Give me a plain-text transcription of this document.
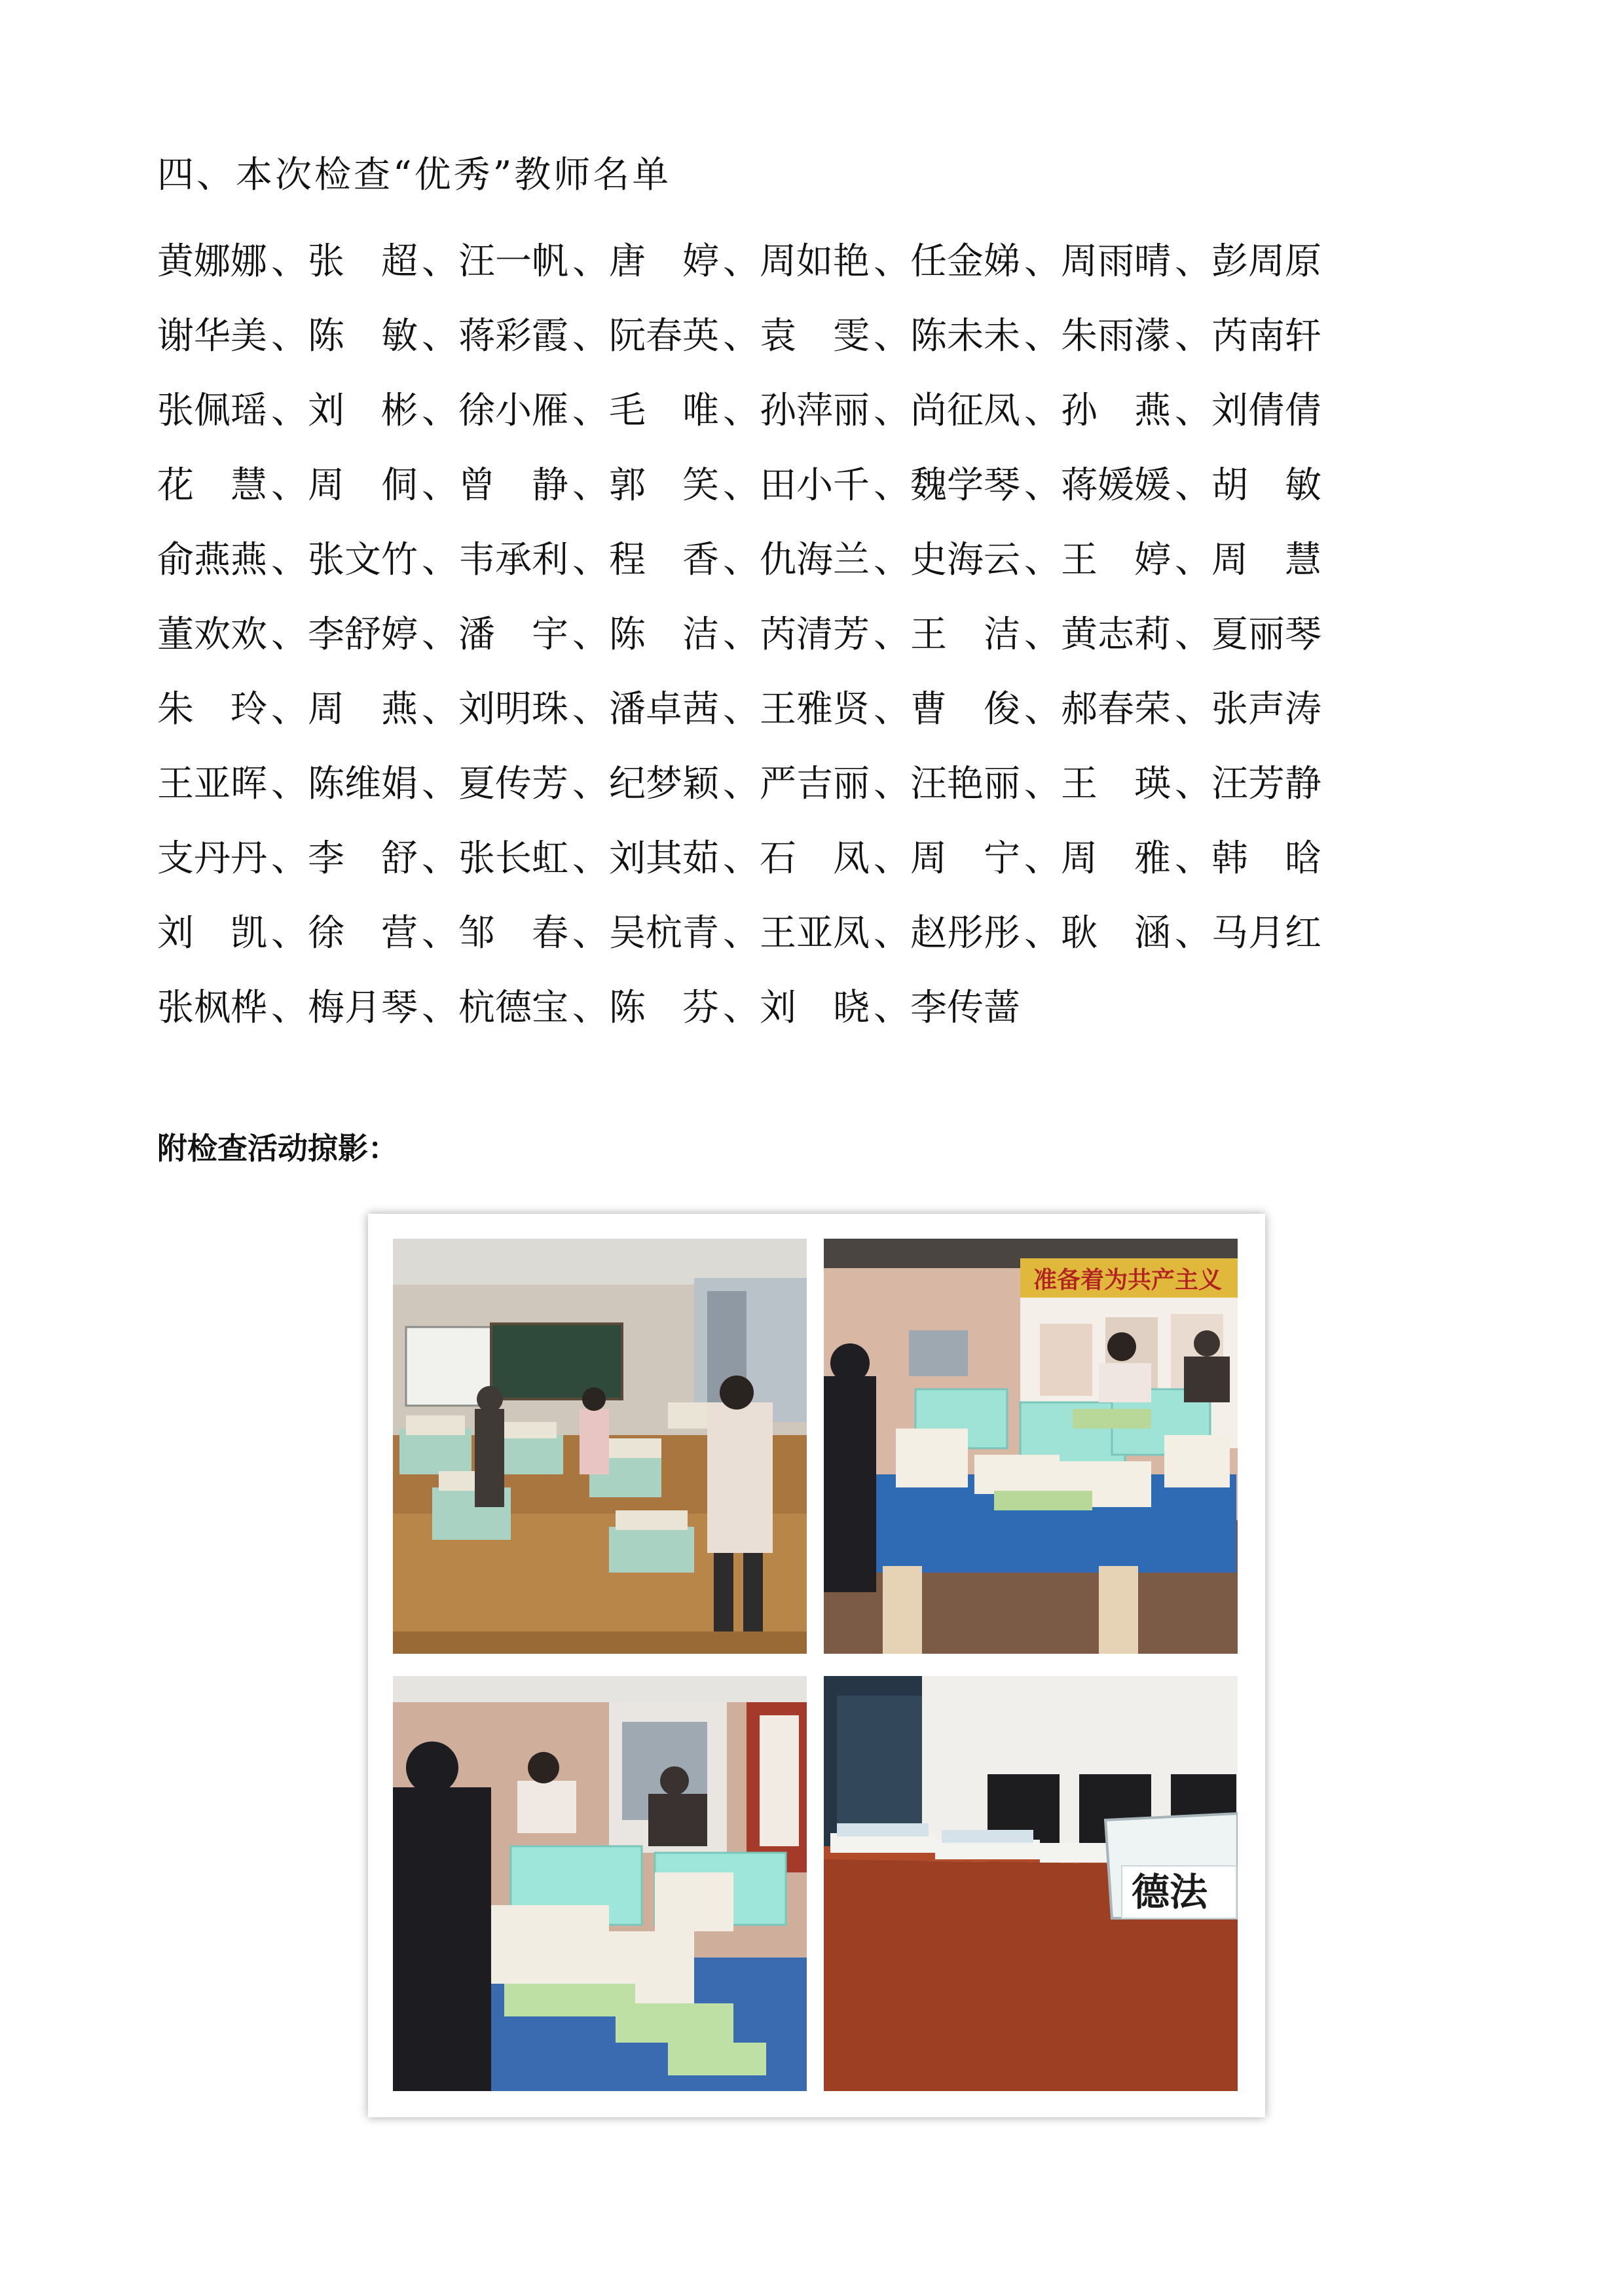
四、本次检查“优秀”教师名单
黄娜娜 、 张　超 、 汪一帆 、 唐　婷 、 周如艳 、 任金娣 、 周雨晴 、 彭周原
谢华美 、 陈　敏 、 蒋彩霞 、 阮春英 、 袁　雯 、 陈未未 、 朱雨濛 、 芮南轩
张佩瑶 、 刘　彬 、 徐小雁 、 毛　唯 、 孙萍丽 、 尚征凤 、 孙　燕 、 刘倩倩
花　慧 、 周　侗 、 曾　静 、 郭　笑 、 田小千 、 魏学琴 、 蒋媛媛 、 胡　敏
俞燕燕 、 张文竹 、 韦承利 、 程　香 、 仇海兰 、 史海云 、 王　婷 、 周　慧
董欢欢 、 李舒婷 、 潘　宇 、 陈　洁 、 芮清芳 、 王　洁 、 黄志莉 、 夏丽琴
朱　玲 、 周　燕 、 刘明珠 、 潘卓茜 、 王雅贤 、 曹　俊 、 郝春荣 、 张声涛
王亚晖 、 陈维娟 、 夏传芳 、 纪梦颖 、 严吉丽 、 汪艳丽 、 王　瑛 、 汪芳静
支丹丹 、 李　舒 、 张长虹 、 刘其茹 、 石　凤 、 周　宁 、 周　雅 、 韩　晗
刘　凯 、 徐　营 、 邹　春 、 吴杭青 、 王亚凤 、 赵彤彤 、 耿　涵 、 马月红
张枫桦 、 梅月琴 、 杭德宝 、 陈　芬 、 刘　晓 、 李传蔷
附检查活动掠影：
准备着为共产主义
德法
